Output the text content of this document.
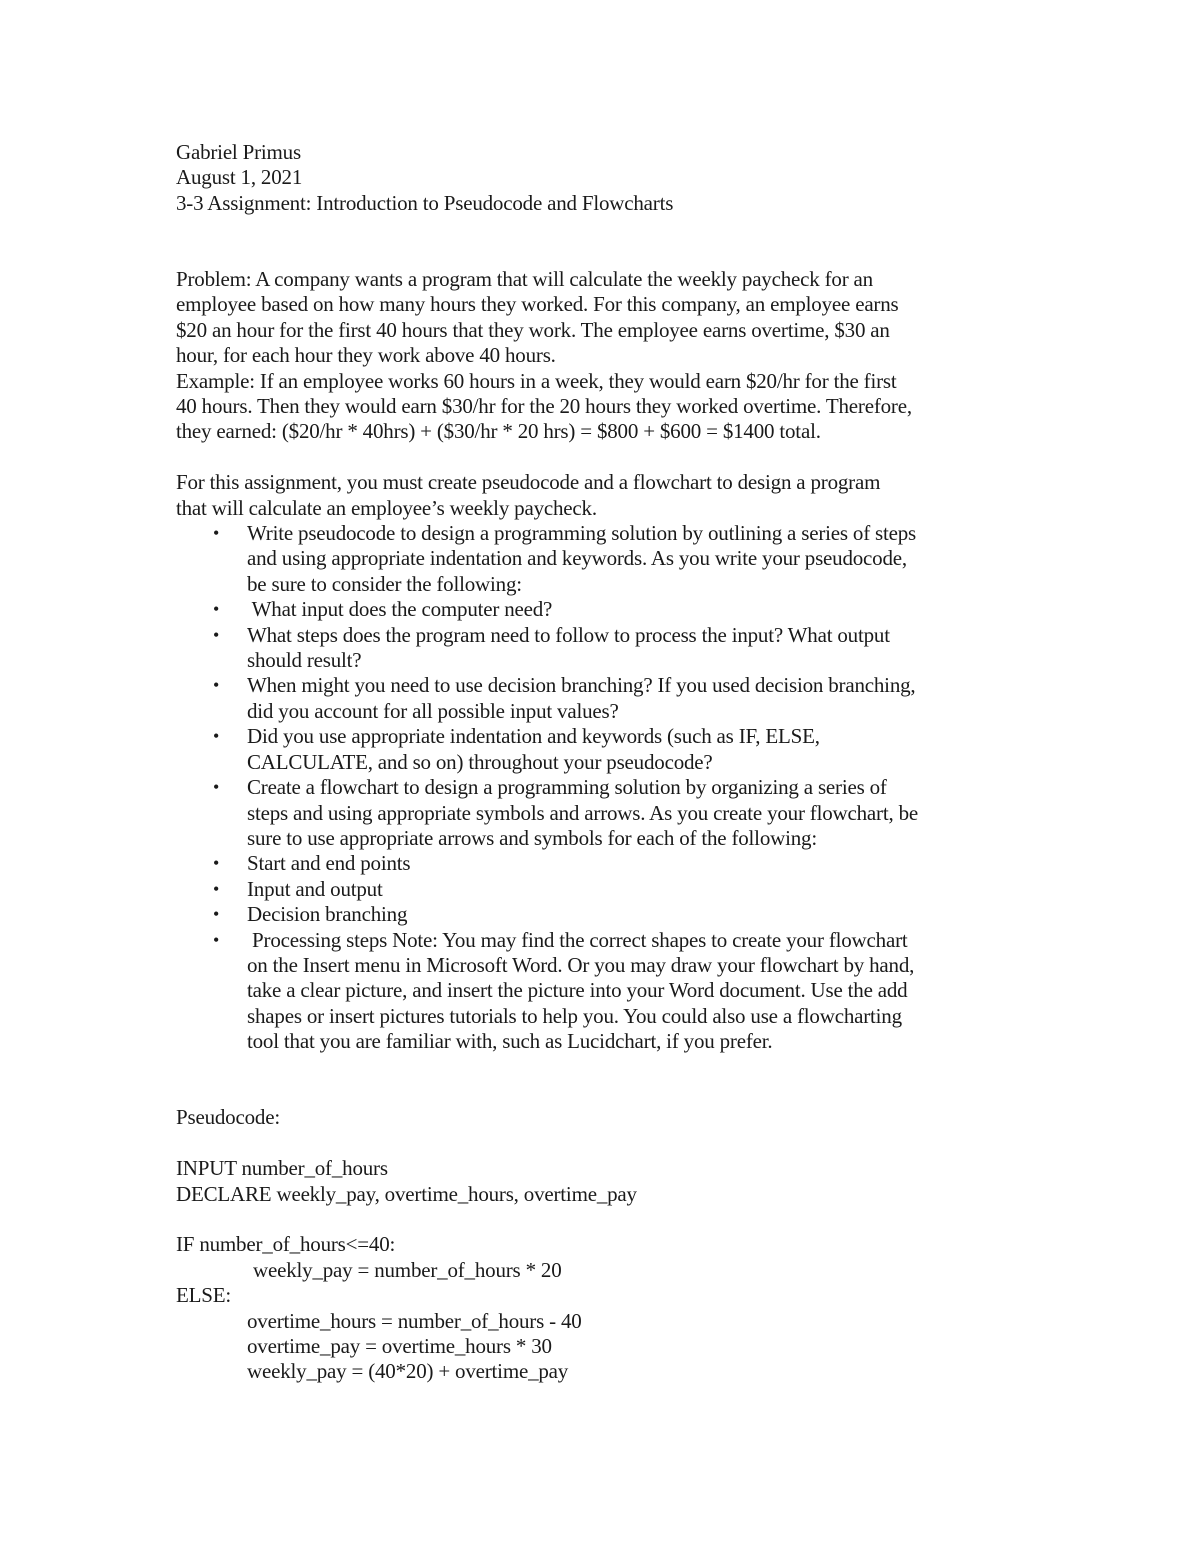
Gabriel Primus
August 1, 2021
3-3 Assignment: Introduction to Pseudocode and Flowcharts
Problem: A company wants a program that will calculate the weekly paycheck for an
employee based on how many hours they worked. For this company, an employee earns
$20 an hour for the first 40 hours that they work. The employee earns overtime, $30 an
hour, for each hour they work above 40 hours.
Example: If an employee works 60 hours in a week, they would earn $20/hr for the first
40 hours. Then they would earn $30/hr for the 20 hours they worked overtime. Therefore,
they earned: ($20/hr * 40hrs) + ($30/hr * 20 hrs) = $800 + $600 = $1400 total.
For this assignment, you must create pseudocode and a flowchart to design a program
that will calculate an employee’s weekly paycheck.
• Write pseudocode to design a programming solution by outlining a series of steps
and using appropriate indentation and keywords. As you write your pseudocode,
be sure to consider the following:
• What input does the computer need?
• What steps does the program need to follow to process the input? What output
should result?
• When might you need to use decision branching? If you used decision branching,
did you account for all possible input values?
• Did you use appropriate indentation and keywords (such as IF, ELSE,
CALCULATE, and so on) throughout your pseudocode?
• Create a flowchart to design a programming solution by organizing a series of
steps and using appropriate symbols and arrows. As you create your flowchart, be
sure to use appropriate arrows and symbols for each of the following:
• Start and end points
• Input and output
• Decision branching
• Processing steps Note: You may find the correct shapes to create your flowchart
on the Insert menu in Microsoft Word. Or you may draw your flowchart by hand,
take a clear picture, and insert the picture into your Word document. Use the add
shapes or insert pictures tutorials to help you. You could also use a flowcharting
tool that you are familiar with, such as Lucidchart, if you prefer.
Pseudocode:
INPUT number_of_hours
DECLARE weekly_pay, overtime_hours, overtime_pay
IF number_of_hours<=40:
weekly_pay = number_of_hours * 20
ELSE:
overtime_hours = number_of_hours - 40
overtime_pay = overtime_hours * 30
weekly_pay = (40*20) + overtime_pay
